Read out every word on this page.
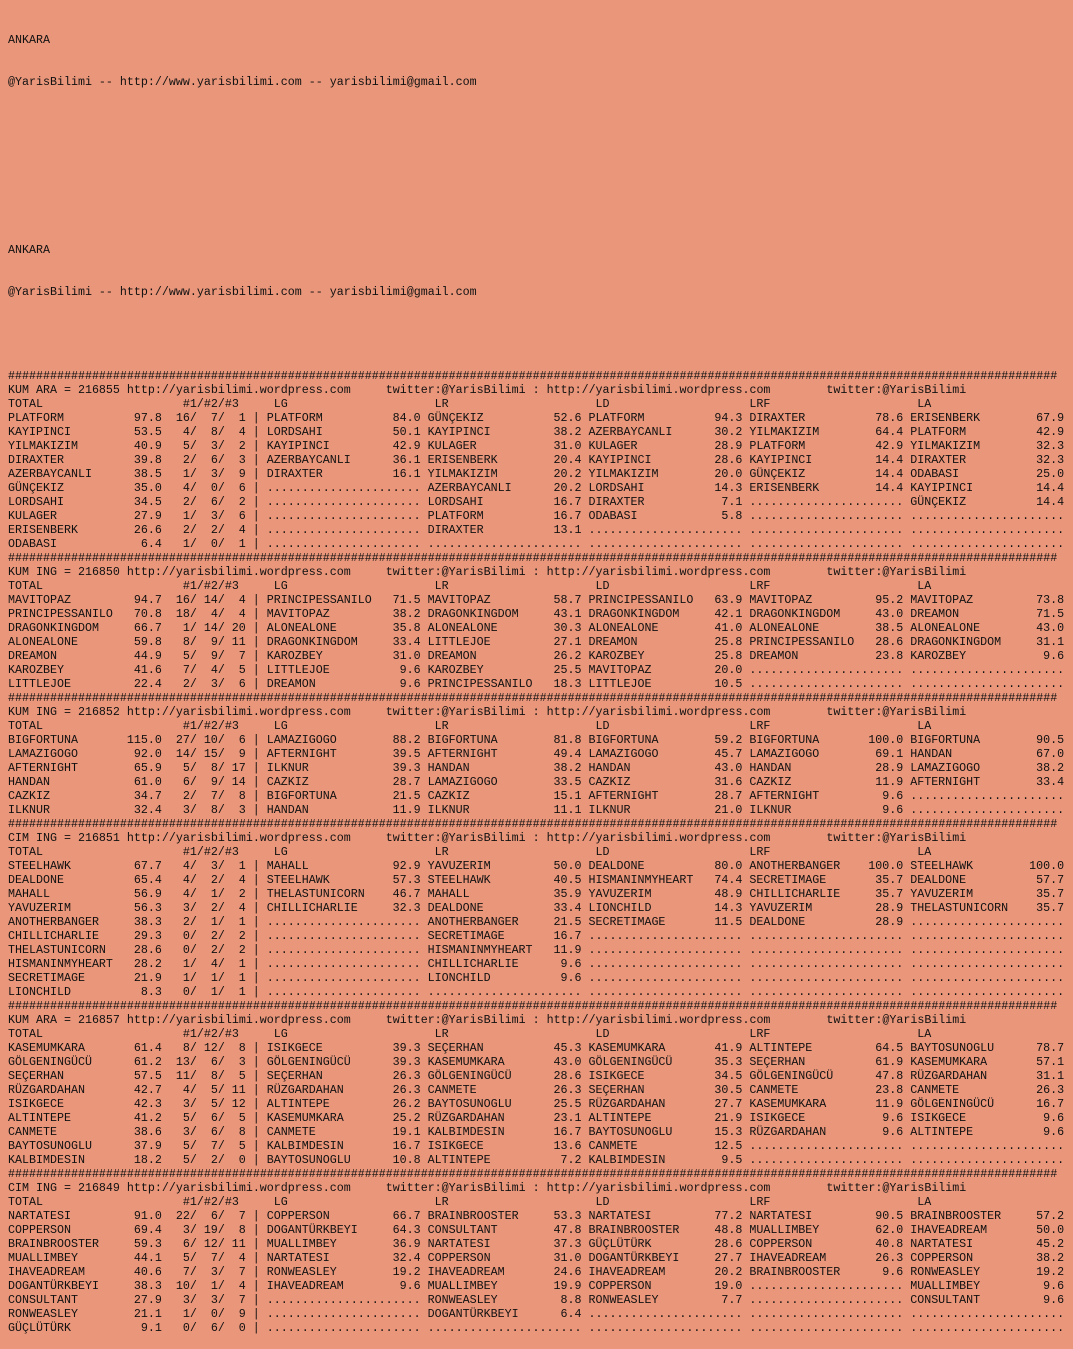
ANKARA

@YarisBilimi -- http://www.yarisbilimi.com -- yarisbilimi@gmail.com

ANKARA

@YarisBilimi -- http://www.yarisbilimi.com -- yarisbilimi@gmail.com

######################################################################################################################################################
KUM ARA = 216855 http://yarisbilimi.wordpress.com	twitter:@YarisBilimi : http://yarisbilimi.wordpress.com	twitter:@YarisBilimi
TOTAL	#1/#2/#3	LG	LR	LD	LRF	LA
PLATFORM	97.8 16/ 7/ 1 | PLATFORM	84.0 GÜNÇEKIZ	52.6 PLATFORM	94.3 DIRAXTER	78.6 ERISENBERK	67.9
KAYIPINCI	53.5 4/ 8/ 4 | LORDSAHI	50.1 KAYIPINCI	38.2 AZERBAYCANLI	30.2 YILMAKIZIM	64.4 PLATFORM	42.9
YILMAKIZIM	40.9 5/ 3/ 2 | KAYIPINCI	42.9 KULAGER	31.0 KULAGER	28.9 PLATFORM	42.9 YILMAKIZIM	32.3
DIRAXTER	39.8 2/ 6/ 3 | AZERBAYCANLI	36.1 ERISENBERK	20.4 KAYIPINCI	28.6 KAYIPINCI	14.4 DIRAXTER	32.3
AZERBAYCANLI	38.5 1/ 3/ 9 | DIRAXTER	16.1 YILMAKIZIM	20.2 YILMAKIZIM	20.0 GÜNÇEKIZ	14.4 ODABASI	25.0
GÜNÇEKIZ	35.0 4/ 0/ 6 | ...................... AZERBAYCANLI	20.2 LORDSAHI	14.3 ERISENBERK	14.4 KAYIPINCI	14.4
LORDSAHI	34.5 2/ 6/ 2 | ...................... LORDSAHI	16.7 DIRAXTER	7.1 ...................... GÜNÇEKIZ	14.4
KULAGER	27.9 1/ 3/ 6 | ...................... PLATFORM	16.7 ODABASI	5.8 ...................... ......................
ERISENBERK	26.6 2/ 2/ 4 | ...................... DIRAXTER	13.1 ...................... ...................... ......................
ODABASI	6.4 1/ 0/ 1 | ...................... ...................... ...................... ...................... ......................
######################################################################################################################################################
KUM ING = 216850 http://yarisbilimi.wordpress.com	twitter:@YarisBilimi : http://yarisbilimi.wordpress.com	twitter:@YarisBilimi
TOTAL	#1/#2/#3	LG	LR	LD	LRF	LA
MAVITOPAZ	94.7 16/ 14/ 4 | PRINCIPESSANILO 71.5 MAVITOPAZ	58.7 PRINCIPESSANILO 63.9 MAVITOPAZ	95.2 MAVITOPAZ	73.8
PRINCIPESSANILO 70.8 18/ 4/ 4 | MAVITOPAZ	38.2 DRAGONKINGDOM	43.1 DRAGONKINGDOM	42.1 DRAGONKINGDOM	43.0 DREAMON	71.5
DRAGONKINGDOM	66.7 1/ 14/ 20 | ALONEALONE	35.8 ALONEALONE	30.3 ALONEALONE	41.0 ALONEALONE	38.5 ALONEALONE	43.0
ALONEALONE	59.8 8/ 9/ 11 | DRAGONKINGDOM	33.4 LITTLEJOE	27.1 DREAMON	25.8 PRINCIPESSANILO 28.6 DRAGONKINGDOM	31.1
DREAMON	44.9 5/ 9/ 7 | KAROZBEY	31.0 DREAMON	26.2 KAROZBEY	25.8 DREAMON	23.8 KAROZBEY	9.6
KAROZBEY	41.6 7/ 4/ 5 | LITTLEJOE	9.6 KAROZBEY	25.5 MAVITOPAZ	20.0 ...................... ......................
LITTLEJOE	22.4 2/ 3/ 6 | DREAMON	9.6 PRINCIPESSANILO 18.3 LITTLEJOE	10.5 ...................... ......................
######################################################################################################################################################
KUM ING = 216852 http://yarisbilimi.wordpress.com	twitter:@YarisBilimi : http://yarisbilimi.wordpress.com	twitter:@YarisBilimi
TOTAL	#1/#2/#3	LG	LR	LD	LRF	LA
BIGFORTUNA	115.0 27/ 10/ 6 | LAMAZIGOGO	88.2 BIGFORTUNA	81.8 BIGFORTUNA	59.2 BIGFORTUNA	100.0 BIGFORTUNA	90.5
LAMAZIGOGO	92.0 14/ 15/ 9 | AFTERNIGHT	39.5 AFTERNIGHT	49.4 LAMAZIGOGO	45.7 LAMAZIGOGO	69.1 HANDAN	67.0
AFTERNIGHT	65.9 5/ 8/ 17 | ILKNUR	39.3 HANDAN	38.2 HANDAN	43.0 HANDAN	28.9 LAMAZIGOGO	38.2
HANDAN	61.0 6/ 9/ 14 | CAZKIZ	28.7 LAMAZIGOGO	33.5 CAZKIZ	31.6 CAZKIZ	11.9 AFTERNIGHT	33.4
CAZKIZ	34.7 2/ 7/ 8 | BIGFORTUNA	21.5 CAZKIZ	15.1 AFTERNIGHT	28.7 AFTERNIGHT	9.6 ......................
ILKNUR	32.4 3/ 8/ 3 | HANDAN	11.9 ILKNUR	11.1 ILKNUR	21.0 ILKNUR	9.6 ......................
######################################################################################################################################################
CIM ING = 216851 http://yarisbilimi.wordpress.com	twitter:@YarisBilimi : http://yarisbilimi.wordpress.com	twitter:@YarisBilimi
TOTAL	#1/#2/#3	LG	LR	LD	LRF	LA
STEELHAWK	67.7 4/ 3/ 1 | MAHALL	92.9 YAVUZERIM	50.0 DEALDONE	80.0 ANOTHERBANGER 100.0 STEELHAWK	100.0
DEALDONE	65.4 4/ 2/ 4 | STEELHAWK	57.3 STEELHAWK	40.5 HISMANINMYHEART 74.4 SECRETIMAGE	35.7 DEALDONE	57.7
MAHALL	56.9 4/ 1/ 2 | THELASTUNICORN 46.7 MAHALL	35.9 YAVUZERIM	48.9 CHILLICHARLIE	35.7 YAVUZERIM	35.7
YAVUZERIM	56.3 3/ 2/ 4 | CHILLICHARLIE	32.3 DEALDONE	33.4 LIONCHILD	14.3 YAVUZERIM	28.9 THELASTUNICORN 35.7
ANOTHERBANGER	38.3 2/ 1/ 1 | ...................... ANOTHERBANGER	21.5 SECRETIMAGE	11.5 DEALDONE	28.9 ......................
CHILLICHARLIE	29.3 0/ 2/ 2 | ...................... SECRETIMAGE	16.7 ...................... ...................... ......................
THELASTUNICORN 28.6 0/ 2/ 2 | ...................... HISMANINMYHEART 11.9 ...................... ...................... ......................
HISMANINMYHEART 28.2 1/ 4/ 1 | ...................... CHILLICHARLIE	9.6 ...................... ...................... ......................
SECRETIMAGE	21.9 1/ 1/ 1 | ...................... LIONCHILD	9.6 ...................... ...................... ......................
LIONCHILD	8.3 0/ 1/ 1 | ...................... ...................... ...................... ...................... ......................
######################################################################################################################################################
KUM ARA = 216857 http://yarisbilimi.wordpress.com	twitter:@YarisBilimi : http://yarisbilimi.wordpress.com	twitter:@YarisBilimi
TOTAL	#1/#2/#3	LG	LR	LD	LRF	LA
KASEMUMKARA	61.4 8/ 12/ 8 | ISIKGECE	39.3 SEÇERHAN	45.3 KASEMUMKARA	41.9 ALTINTEPE	64.5 BAYTOSUNOGLU	78.7
GÖLGENINGÜCÜ	61.2 13/ 6/ 3 | GÖLGENINGÜCÜ	39.3 KASEMUMKARA	43.0 GÖLGENINGÜCÜ	35.3 SEÇERHAN	61.9 KASEMUMKARA	57.1
SEÇERHAN	57.5 11/ 8/ 5 | SEÇERHAN	26.3 GÖLGENINGÜCÜ	28.6 ISIKGECE	34.5 GÖLGENINGÜCÜ	47.8 RÜZGARDAHAN	31.1
RÜZGARDAHAN	42.7 4/ 5/ 11 | RÜZGARDAHAN	26.3 CANMETE	26.3 SEÇERHAN	30.5 CANMETE	23.8 CANMETE	26.3
ISIKGECE	42.3 3/ 5/ 12 | ALTINTEPE	26.2 BAYTOSUNOGLU	25.5 RÜZGARDAHAN	27.7 KASEMUMKARA	11.9 GÖLGENINGÜCÜ	16.7
ALTINTEPE	41.2 5/ 6/ 5 | KASEMUMKARA	25.2 RÜZGARDAHAN	23.1 ALTINTEPE	21.9 ISIKGECE	9.6 ISIKGECE	9.6
CANMETE	38.6 3/ 6/ 8 | CANMETE	19.1 KALBIMDESIN	16.7 BAYTOSUNOGLU	15.3 RÜZGARDAHAN	9.6 ALTINTEPE	9.6
BAYTOSUNOGLU	37.9 5/ 7/ 5 | KALBIMDESIN	16.7 ISIKGECE	13.6 CANMETE	12.5 ...................... ......................
KALBIMDESIN	18.2 5/ 2/ 0 | BAYTOSUNOGLU	10.8 ALTINTEPE	7.2 KALBIMDESIN	9.5 ...................... ......................
######################################################################################################################################################
CIM ING = 216849 http://yarisbilimi.wordpress.com	twitter:@YarisBilimi : http://yarisbilimi.wordpress.com	twitter:@YarisBilimi
TOTAL	#1/#2/#3	LG	LR	LD	LRF	LA
NARTATESI	91.0 22/ 6/ 7 | COPPERSON	66.7 BRAINBROOSTER	53.3 NARTATESI	77.2 NARTATESI	90.5 BRAINBROOSTER	57.2
COPPERSON	69.4 3/ 19/ 8 | DOGANTÜRKBEYI	64.3 CONSULTANT	47.8 BRAINBROOSTER	48.8 MUALLIMBEY	62.0 IHAVEADREAM	50.0
BRAINBROOSTER	59.3 6/ 12/ 11 | MUALLIMBEY	36.9 NARTATESI	37.3 GÜÇLÜTÜRK	28.6 COPPERSON	40.8 NARTATESI	45.2
MUALLIMBEY	44.1 5/ 7/ 4 | NARTATESI	32.4 COPPERSON	31.0 DOGANTÜRKBEYI	27.7 IHAVEADREAM	26.3 COPPERSON	38.2
IHAVEADREAM	40.6 7/ 3/ 7 | RONWEASLEY	19.2 IHAVEADREAM	24.6 IHAVEADREAM	20.2 BRAINBROOSTER	9.6 RONWEASLEY	19.2
DOGANTÜRKBEYI	38.3 10/ 1/ 4 | IHAVEADREAM	9.6 MUALLIMBEY	19.9 COPPERSON	19.0 ...................... MUALLIMBEY	9.6
CONSULTANT	27.9 3/ 3/ 7 | ...................... RONWEASLEY	8.8 RONWEASLEY	7.7 ...................... CONSULTANT	9.6
RONWEASLEY	21.1 1/ 0/ 9 | ...................... DOGANTÜRKBEYI	6.4 ...................... ...................... ......................
GÜÇLÜTÜRK	9.1 0/ 6/ 0 | ...................... ...................... ...................... ...................... ......................
